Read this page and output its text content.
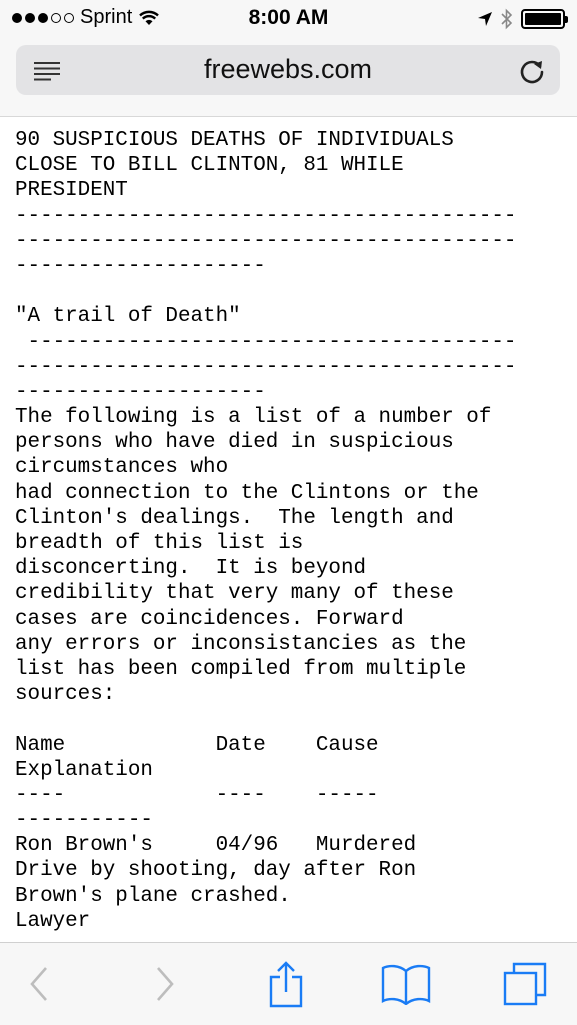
Sprint	8:00 AM
freewebs.com
90 SUSPICIOUS DEATHS OF INDIVIDUALS
CLOSE TO BILL CLINTON, 81 WHILE
PRESIDENT
----------------------------------------
----------------------------------------
--------------------
"A trail of Death"
---------------------------------------
----------------------------------------
--------------------
The following is a list of a number of
persons who have died in suspicious
circumstances who
had connection to the Clintons or the
Clinton's dealings.  The length and
breadth of this list is
disconcerting.  It is beyond
credibility that very many of these
cases are coincidences. Forward
any errors or inconsistancies as the
list has been compiled from multiple
sources:
Name            Date    Cause
Explanation
----            ----    -----
-----------
Ron Brown's     04/96   Murdered
Drive by shooting, day after Ron
Brown's plane crashed.
Lawyer
